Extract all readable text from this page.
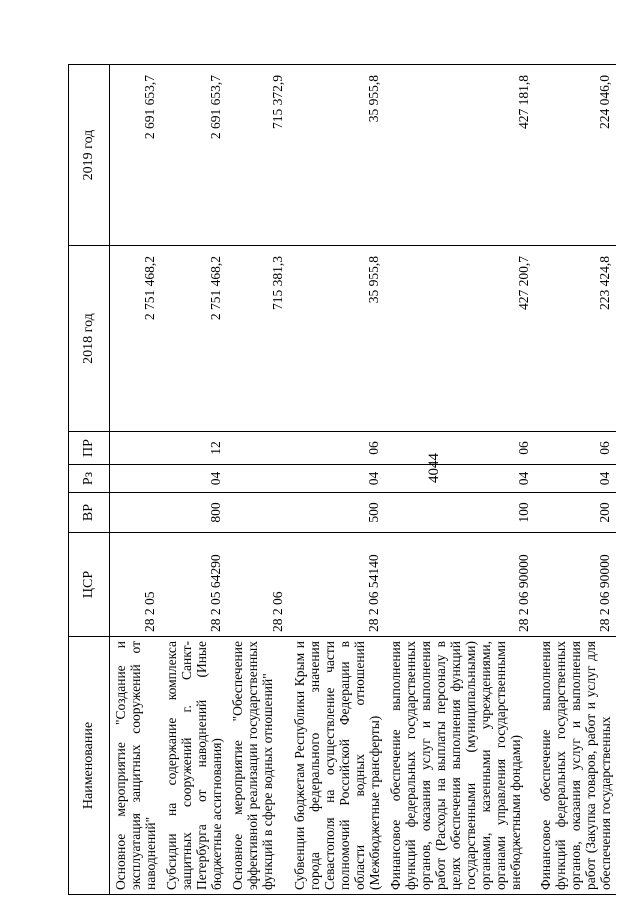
4044
Наименование	ЦСР	ВР	Рз	ПР	2018 год	2019 год
Основное мероприятие "Создание и эксплуатация защитных сооружений от наводнений"	28 2 05				2 751 468,2	2 691 653,7
Субсидии на содержание комплекса защитных сооружений г. Санкт-Петербурга от наводнений (Иные бюджетные ассигнования)	28 2 05 64290	800	04	12	2 751 468,2	2 691 653,7
Основное мероприятие "Обеспечение эффективной реализации государственных функций в сфере водных отношений"	28 2 06				715 381,3	715 372,9
Субвенции бюджетам Республики Крым и города федерального значения Севастополя на осуществление части полномочий Российской Федерации в области водных отношений (Межбюджетные трансферты)	28 2 06 54140	500	04	06	35 955,8	35 955,8
Финансовое обеспечение выполнения функций федеральных государственных органов, оказания услуг и выполнения работ (Расходы на выплаты персоналу в целях обеспечения выполнения функций государственными (муниципальными) органами, казенными учреждениями, органами управления государственными внебюджетными фондами)	28 2 06 90000	100	04	06	427 200,7	427 181,8
Финансовое обеспечение выполнения функций федеральных государственных органов, оказания услуг и выполнения работ (Закупка товаров, работ и услуг для обеспечения государственных	28 2 06 90000	200	04	06	223 424,8	224 046,0
